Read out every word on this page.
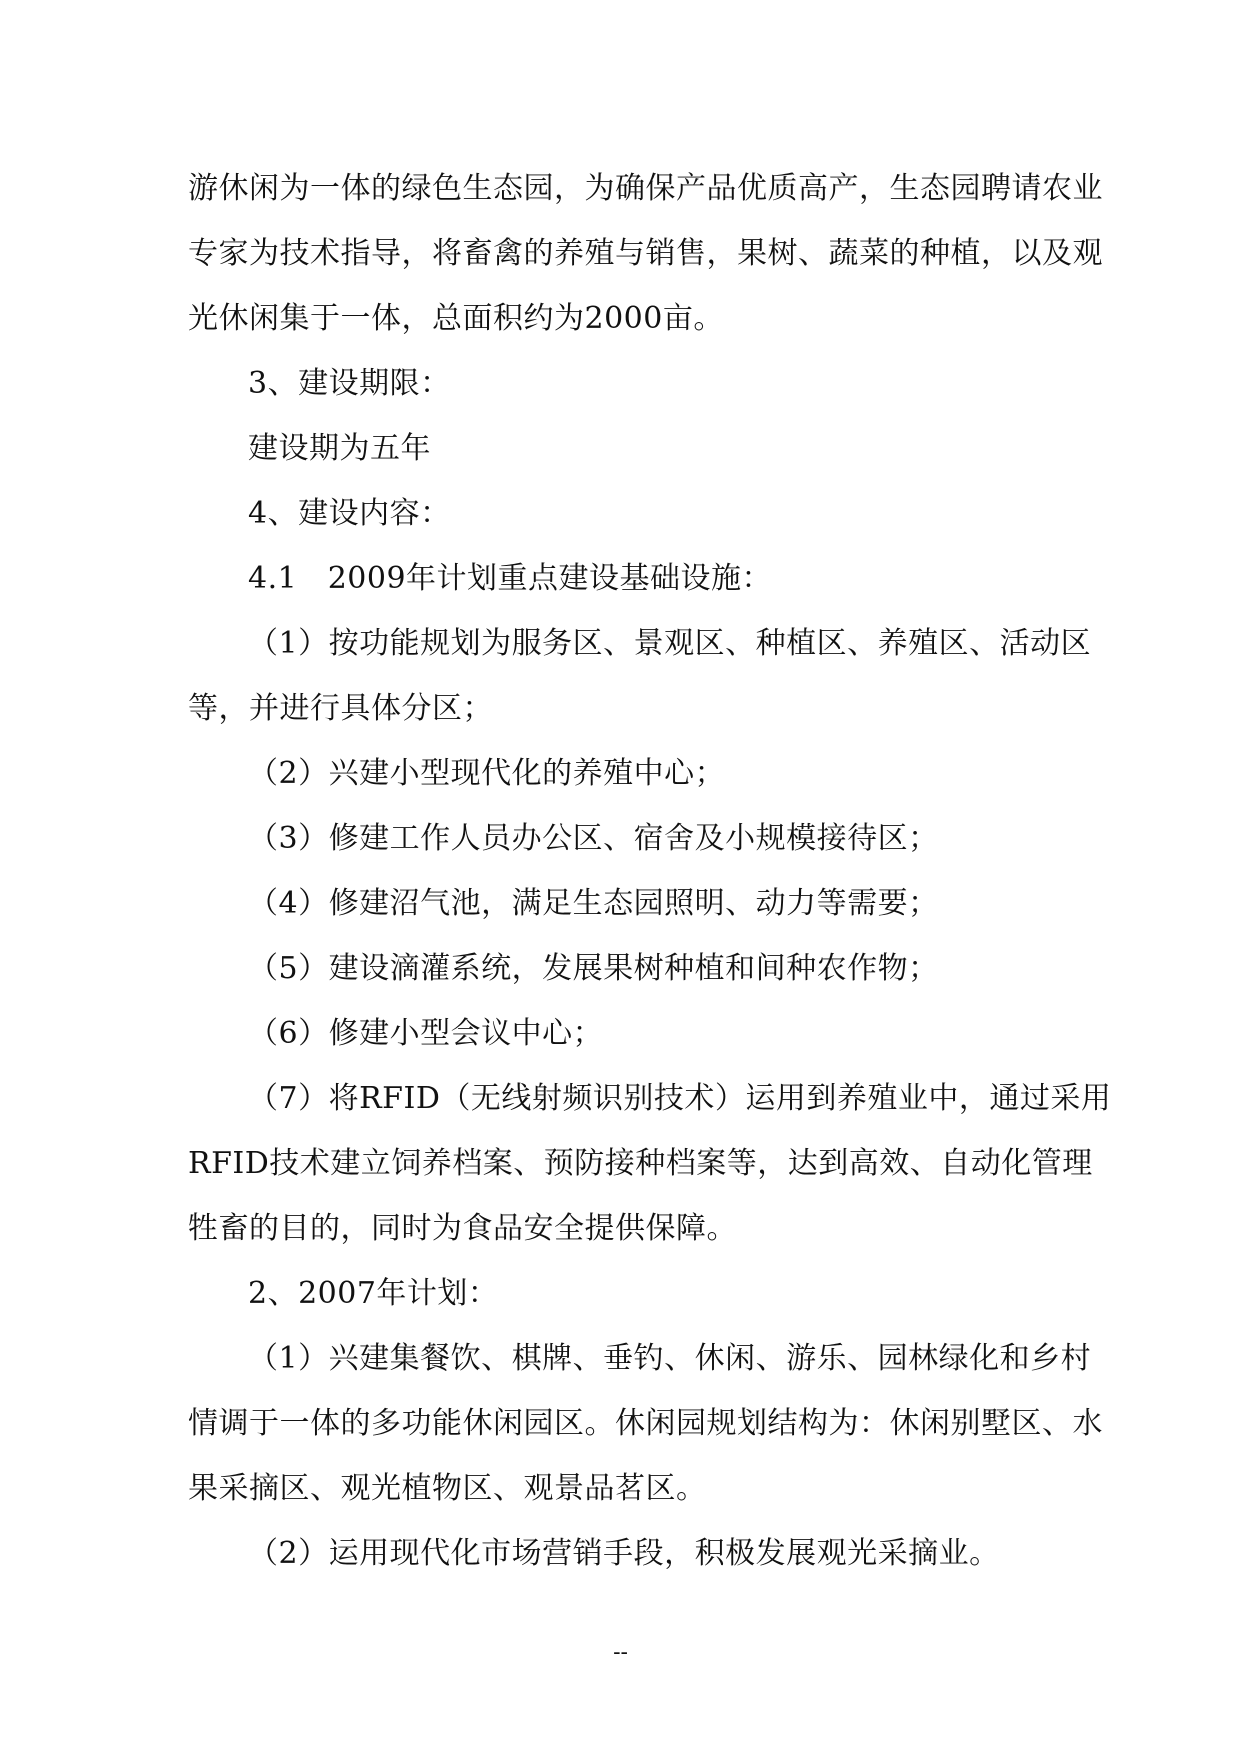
游休闲为一体的绿色生态园，为确保产品优质高产，生态园聘请农业
专家为技术指导，将畜禽的养殖与销售，果树、蔬菜的种植，以及观
光休闲集于一体，总面积约为2000亩。
3、建设期限：
建设期为五年
4、建设内容：
4.1　2009年计划重点建设基础设施：
（1）按功能规划为服务区、景观区、种植区、养殖区、活动区
等，并进行具体分区；
（2）兴建小型现代化的养殖中心；
（3）修建工作人员办公区、宿舍及小规模接待区；
（4）修建沼气池，满足生态园照明、动力等需要；
（5）建设滴灌系统，发展果树种植和间种农作物；
（6）修建小型会议中心；
（7）将RFID（无线射频识别技术）运用到养殖业中，通过采用
RFID技术建立饲养档案、预防接种档案等，达到高效、自动化管理
牲畜的目的，同时为食品安全提供保障。
2、2007年计划：
（1）兴建集餐饮、棋牌、垂钓、休闲、游乐、园林绿化和乡村
情调于一体的多功能休闲园区。休闲园规划结构为：休闲别墅区、水
果采摘区、观光植物区、观景品茗区。
（2）运用现代化市场营销手段，积极发展观光采摘业。
--
